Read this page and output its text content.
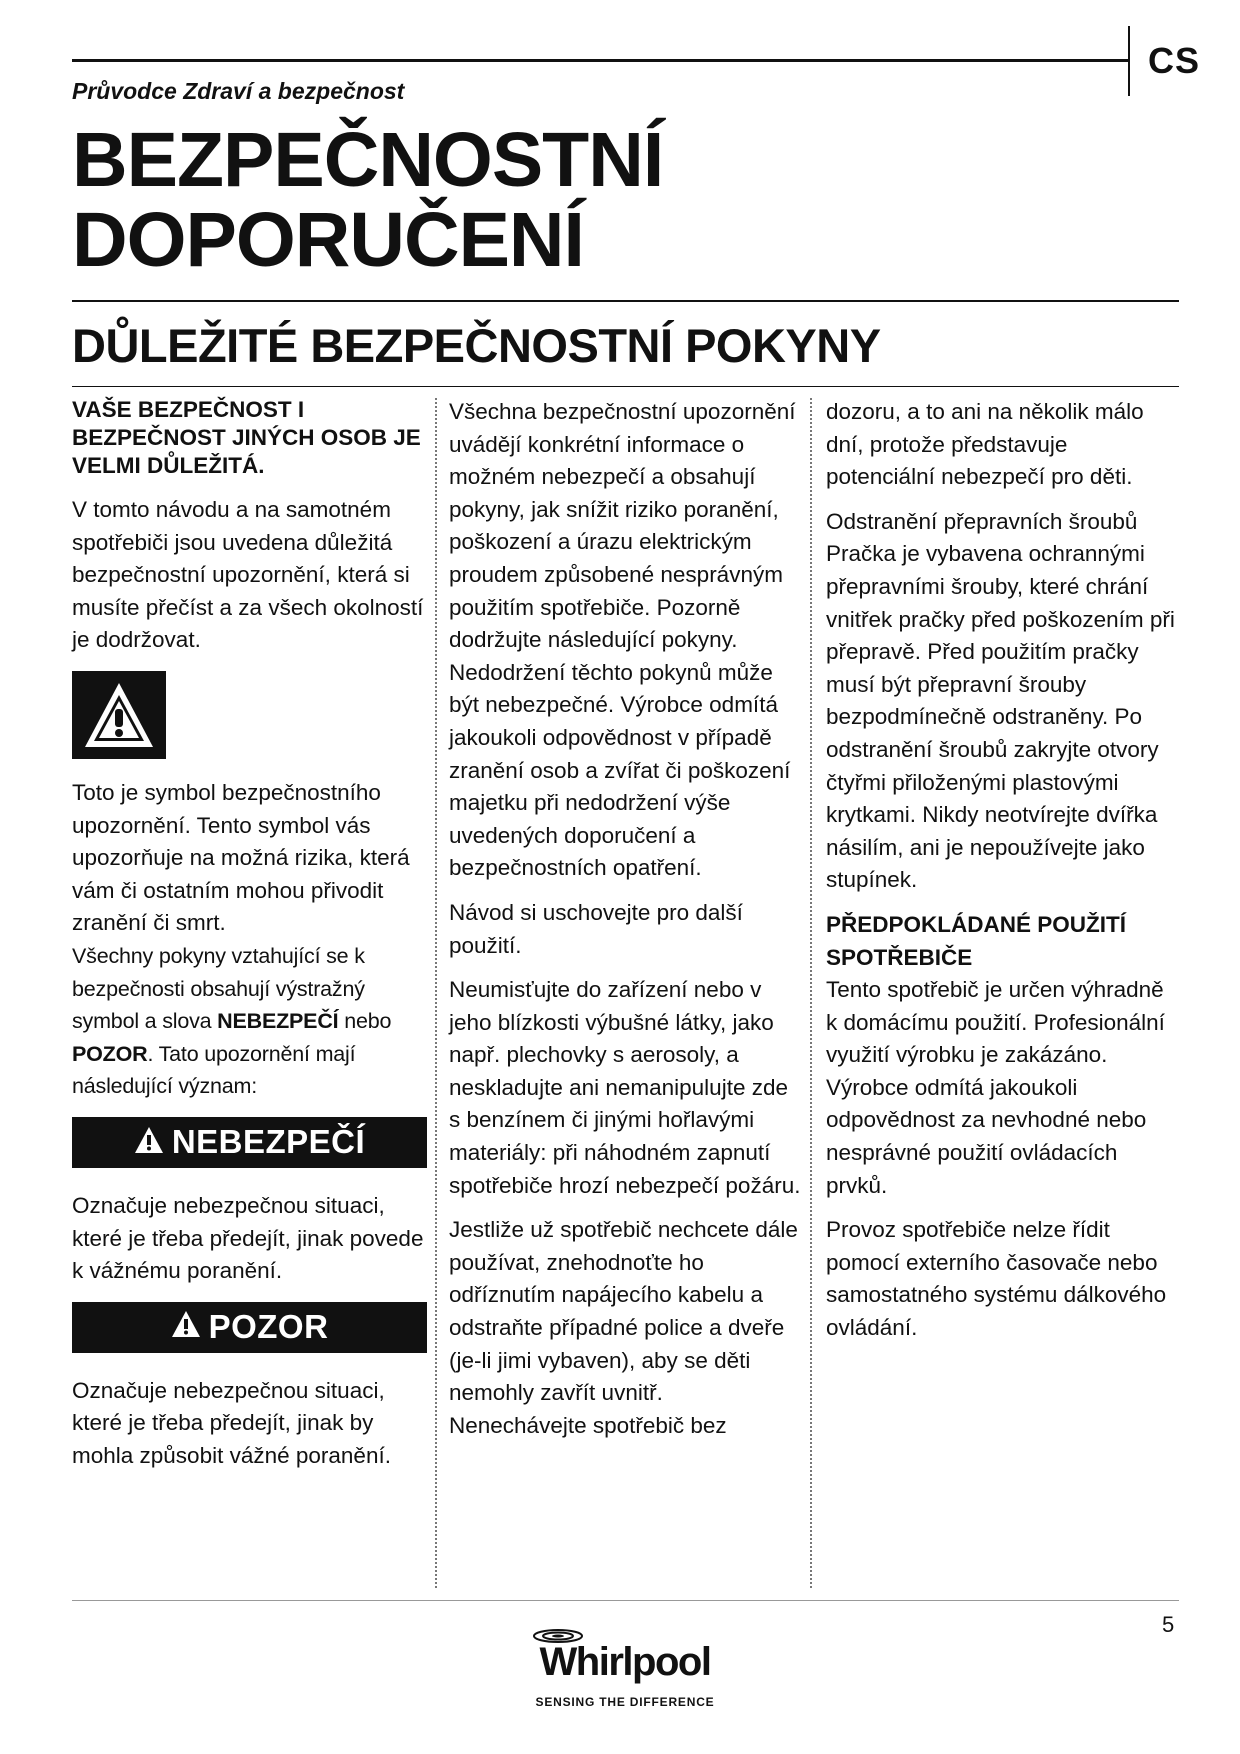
CS
Průvodce Zdraví a bezpečnost
BEZPEČNOSTNÍ
DOPORUČENÍ
DŮLEŽITÉ BEZPEČNOSTNÍ POKYNY

VAŠE BEZPEČNOST I BEZPEČNOST JINÝCH OSOB JE VELMI DŮLEŽITÁ.

V tomto návodu a na samotném spotřebiči jsou uvedena důležitá bezpečnostní upozornění, která si musíte přečíst a za všech okolností je dodržovat.

Toto je symbol bezpečnostního upozornění. Tento symbol vás upozorňuje na možná rizika, která vám či ostatním mohou přivodit zranění či smrt.

Všechny pokyny vztahující se k bezpečnosti obsahují výstražný symbol a slova NEBEZPEČÍ nebo POZOR. Tato upozornění mají následující význam:

NEBEZPEČÍ

Označuje nebezpečnou situaci, které je třeba předejít, jinak povede k vážnému poranění.

POZOR

Označuje nebezpečnou situaci, které je třeba předejít, jinak by mohla způsobit vážné poranění.

Všechna bezpečnostní upozornění uvádějí konkrétní informace o možném nebezpečí a obsahují pokyny, jak snížit riziko poranění, poškození a úrazu elektrickým proudem způsobené nesprávným použitím spotřebiče. Pozorně dodržujte následující pokyny. Nedodržení těchto pokynů může být nebezpečné. Výrobce odmítá jakoukoli odpovědnost v případě zranění osob a zvířat či poškození majetku při nedodržení výše uvedených doporučení a bezpečnostních opatření.

Návod si uschovejte pro další použití.

Neumisťujte do zařízení nebo v jeho blízkosti výbušné látky, jako např. plechovky s aerosoly, a neskladujte ani nemanipulujte zde s benzínem či jinými hořlavými materiály: při náhodném zapnutí spotřebiče hrozí nebezpečí požáru.

Jestliže už spotřebič nechcete dále používat, znehodnoťte ho odříznutím napájecího kabelu a odstraňte případné police a dveře (je-li jimi vybaven), aby se děti nemohly zavřít uvnitř. Nenechávejte spotřebič bez

dozoru, a to ani na několik málo dní, protože představuje potenciální nebezpečí pro děti.

Odstranění přepravních šroubů Pračka je vybavena ochrannými přepravními šrouby, které chrání vnitřek pračky před poškozením při přepravě. Před použitím pračky musí být přepravní šrouby bezpodmínečně odstraněny. Po odstranění šroubů zakryjte otvory čtyřmi přiloženými plastovými krytkami. Nikdy neotvírejte dvířka násilím, ani je nepoužívejte jako stupínek.

PŘEDPOKLÁDANÉ POUŽITÍ SPOTŘEBIČE

Tento spotřebič je určen výhradně k domácímu použití. Profesionální využití výrobku je zakázáno. Výrobce odmítá jakoukoli odpovědnost za nevhodné nebo nesprávné použití ovládacích prvků.

Provoz spotřebiče nelze řídit pomocí externího časovače nebo samostatného systému dálkového ovládání.

5
Whirlpool
SENSING THE DIFFERENCE
